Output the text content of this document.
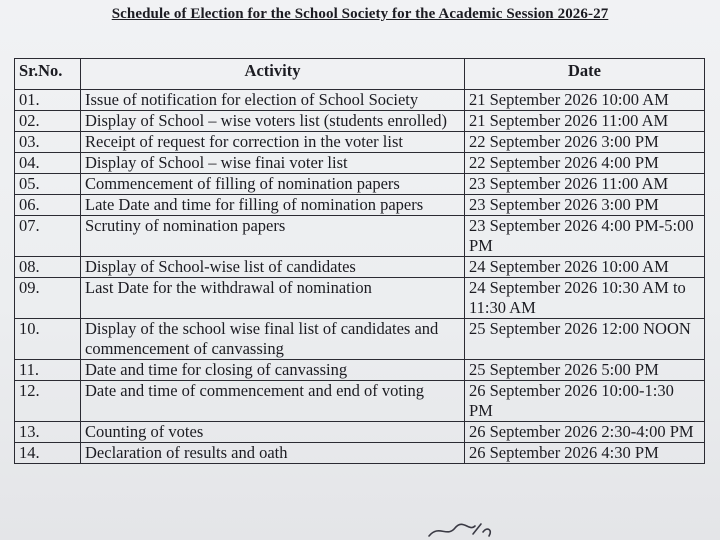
Schedule of Election for the School Society for the Academic Session 2026-27
Sr.No.	Activity	Date
01.	Issue of notification for election of School Society	21 September 2026 10:00 AM
02.	Display of School – wise voters list (students enrolled)	21 September 2026 11:00 AM
03.	Receipt of request for correction in the voter list	22 September 2026 3:00 PM
04.	Display of School – wise finai voter list	22 September 2026 4:00 PM
05.	Commencement of filling of nomination papers	23 September 2026 11:00 AM
06.	Late Date and time for filling of nomination papers	23 September 2026 3:00 PM
07.	Scrutiny of nomination papers	23 September 2026 4:00 PM-5:00 PM
08.	Display of School-wise list of candidates	24 September 2026 10:00 AM
09.	Last Date for the withdrawal of nomination	24 September 2026 10:30 AM to 11:30 AM
10.	Display of the school wise final list of candidates and commencement of canvassing	25 September 2026 12:00 NOON
11.	Date and time for closing of canvassing	25 September 2026 5:00 PM
12.	Date and time of commencement and end of voting	26 September 2026 10:00-1:30 PM
13.	Counting of votes	26 September 2026 2:30-4:00 PM
14.	Declaration of results and oath	26 September 2026 4:30 PM
